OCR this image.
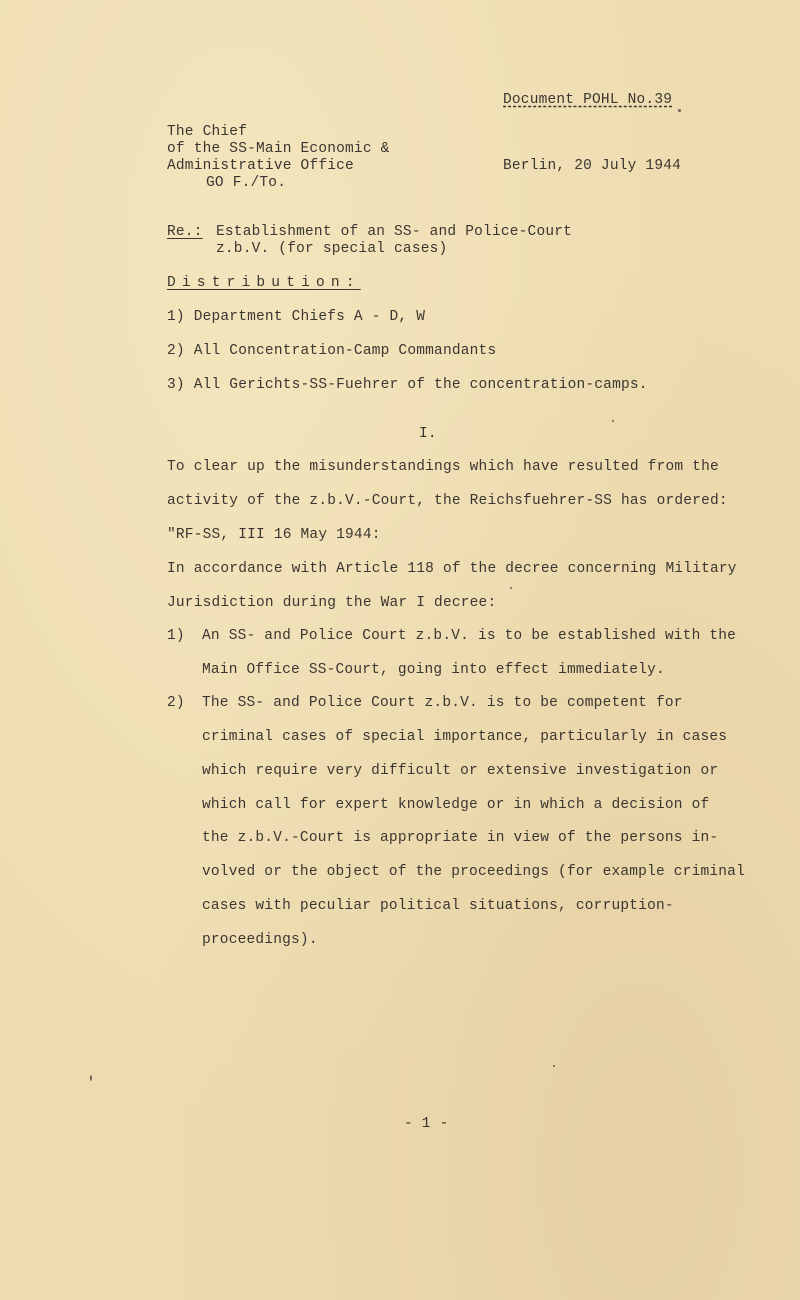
Document POHL No.39
The Chief
of the SS-Main Economic &
Administrative Office
GO F./To.
Berlin, 20 July 1944
Re.: Establishment of an SS- and Police-Court
z.b.V. (for special cases)
Distribution:
1) Department Chiefs A - D, W
2) All Concentration-Camp Commandants
3) All Gerichts-SS-Fuehrer of the concentration-camps.
I.
To clear up the misunderstandings which have resulted from the
activity of the z.b.V.-Court, the Reichsfuehrer-SS has ordered:
"RF-SS, III 16 May 1944:
In accordance with Article 118 of the decree concerning Military
Jurisdiction during the War I decree:
1) An SS- and Police Court z.b.V. is to be established with the
Main Office SS-Court, going into effect immediately.
2) The SS- and Police Court z.b.V. is to be competent for
criminal cases of special importance, particularly in cases
which require very difficult or extensive investigation or
which call for expert knowledge or in which a decision of
the z.b.V.-Court is appropriate in view of the persons in-
volved or the object of the proceedings (for example criminal
cases with peculiar political situations, corruption-
proceedings).
- 1 -
